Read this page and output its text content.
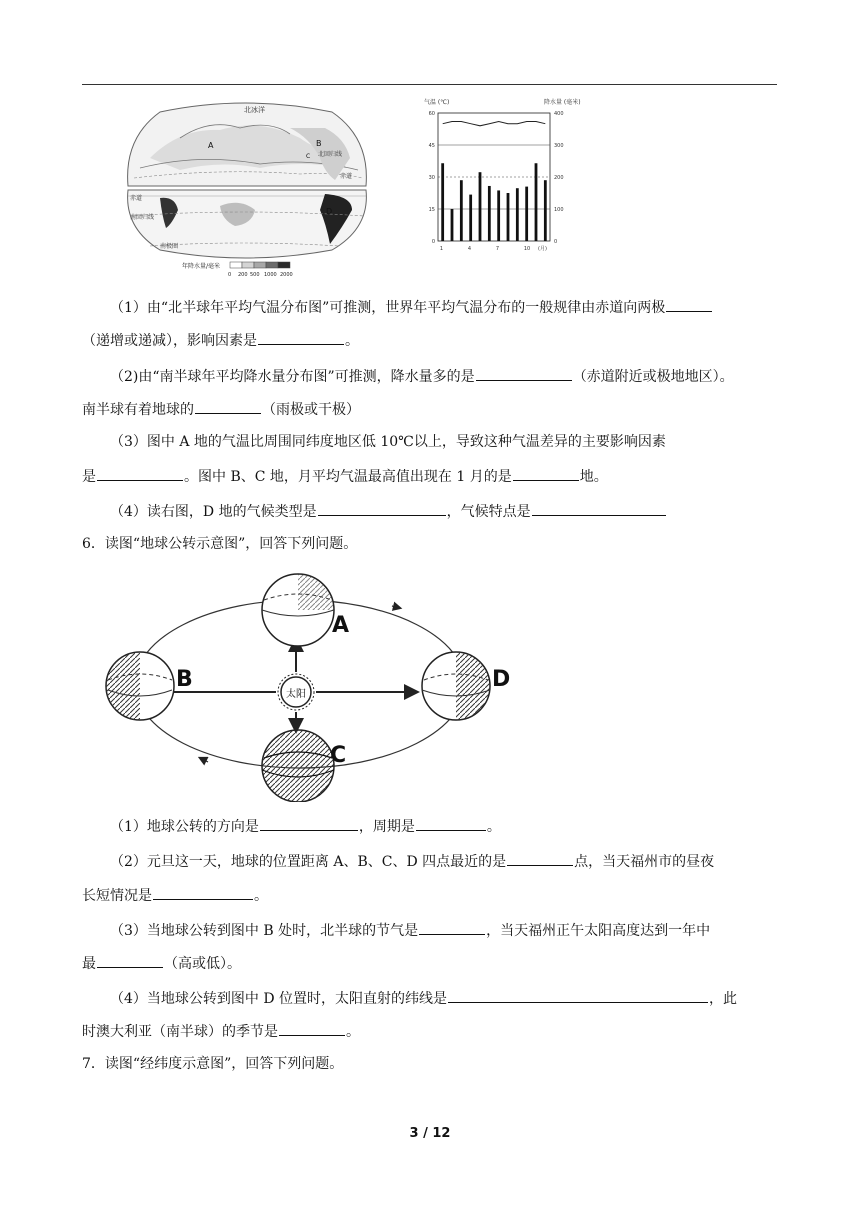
北冰洋
A	B
C 北回归线
赤道
赤道
南回归线
D
南极圈
年降水量/毫米
0 200 500 1000 2000
气温 (℃)	降水量 (毫米)
0
15
30
45
60
0
100
200
300
400
1	4	7	10 (月)
（1）由“北半球年平均气温分布图”可推测，世界年平均气温分布的一般规律由赤道向两极
（递增或递减），影响因素是	。
（2)由“南半球年平均降水量分布图”可推测，降水量多的是	（赤道附近或极地地区）。
南半球有着地球的	（雨极或干极）
（3）图中 A 地的气温比周围同纬度地区低 10℃以上，导致这种气温差异的主要影响因素
是	。图中 B、C 地，月平均气温最高值出现在 1 月的是	地。
（4）读右图，D 地的气候类型是	，气候特点是
6．读图“地球公转示意图”，回答下列问题。
太阳
A
B
C
D
（1）地球公转的方向是	，周期是	。
（2）元旦这一天，地球的位置距离 A、B、C、D 四点最近的是	点，当天福州市的昼夜
长短情况是	。
（3）当地球公转到图中 B 处时，北半球的节气是	，当天福州正午太阳高度达到一年中
最	（高或低）。
（4）当地球公转到图中 D 位置时，太阳直射的纬线是	，此
时澳大利亚（南半球）的季节是	。
7．读图“经纬度示意图”，回答下列问题。
3 / 12
